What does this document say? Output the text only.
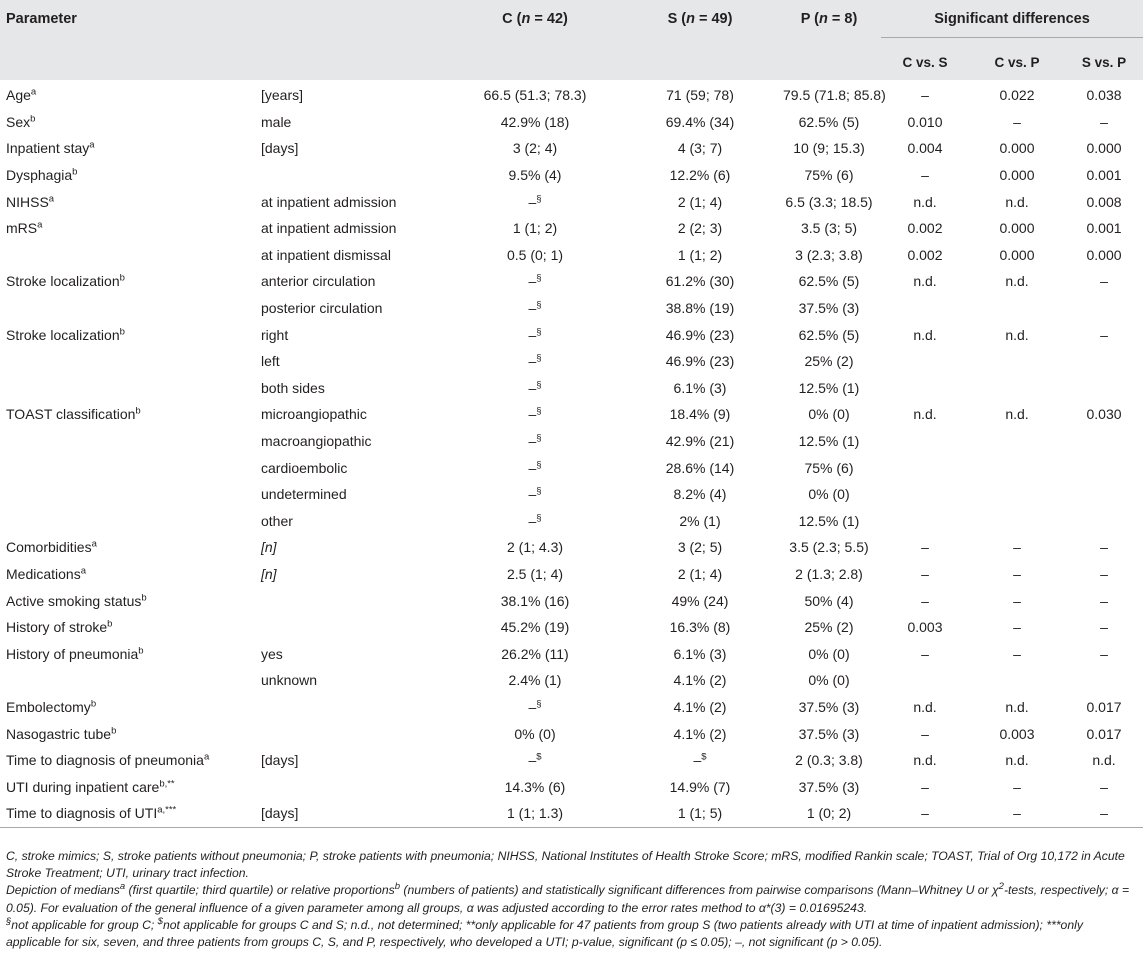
Parameter		C (n = 42)	S (n = 49)	P (n = 8)	Significant differences		

					C vs. S	C vs. P	S vs. P
Age$^a$	[years]	66.5 (51.3; 78.3)	71 (59; 78)	79.5 (71.8; 85.8)	–	0.022	0.038
Sex$^b$	male	42.9% (18)	69.4% (34)	62.5% (5)	0.010	–	–
Inpatient stay$^a$	[days]	3 (2; 4)	4 (3; 7)	10 (9; 15.3)	0.004	0.000	0.000
Dysphagia$^b$		9.5% (4)	12.2% (6)	75% (6)	–	0.000	0.001
NIHSS$^a$	at inpatient admission	–§	2 (1; 4)	6.5 (3.3; 18.5)	n.d.	n.d.	0.008
mRS$^a$	at inpatient admission	1 (1; 2)	2 (2; 3)	3.5 (3; 5)	0.002	0.000	0.001
	at inpatient dismissal	0.5 (0; 1)	1 (1; 2)	3 (2.3; 3.8)	0.002	0.000	0.000
Stroke localization$^b$	anterior circulation	–§	61.2% (30)	62.5% (5)	n.d.	n.d.	–
	posterior circulation	–§	38.8% (19)	37.5% (3)			
Stroke localization$^b$	right	–§	46.9% (23)	62.5% (5)	n.d.	n.d.	–
	left	–§	46.9% (23)	25% (2)			
	both sides	–§	6.1% (3)	12.5% (1)			
TOAST classification$^b$	microangiopathic	–§	18.4% (9)	0% (0)	n.d.	n.d.	0.030
	macroangiopathic	–§	42.9% (21)	12.5% (1)			
	cardioembolic	–§	28.6% (14)	75% (6)			
	undetermined	–§	8.2% (4)	0% (0)			
	other	–§	2% (1)	12.5% (1)			
Comorbidities$^a$	[n]	2 (1; 4.3)	3 (2; 5)	3.5 (2.3; 5.5)	–	–	–
Medications$^a$	[n]	2.5 (1; 4)	2 (1; 4)	2 (1.3; 2.8)	–	–	–
Active smoking status$^b$		38.1% (16)	49% (24)	50% (4)	–	–	–
History of stroke$^b$		45.2% (19)	16.3% (8)	25% (2)	0.003	–	–
History of pneumonia$^b$	yes	26.2% (11)	6.1% (3)	0% (0)	–	–	–
	unknown	2.4% (1)	4.1% (2)	0% (0)			
Embolectomy$^b$		–§	4.1% (2)	37.5% (3)	n.d.	n.d.	0.017
Nasogastric tube$^b$		0% (0)	4.1% (2)	37.5% (3)	–	0.003	0.017
Time to diagnosis of pneumonia$^a$	[days]	–$	–$	2 (0.3; 3.8)	n.d.	n.d.	n.d.
UTI during inpatient care$^{b,**}$		14.3% (6)	14.9% (7)	37.5% (3)	–	–	–
Time to diagnosis of $UTI^{a,***}$	[days]	1 (1; 1.3)	1 (1; 5)	1 (0; 2)	–	–	–

C, stroke mimics; S, stroke patients without pneumonia; P, stroke patients with pneumonia; NIHSS, National Institutes of Health Stroke Score; mRS, modified Rankin scale; TOAST, Trial of Org 10,172 in Acute Stroke Treatment; UTI, urinary tract infection.

Depiction of medians$^a$ (first quartile; third quartile) or relative proportions$^b$ (numbers of patients) and statistically significant differences from pairwise comparisons (Mann–Whitney U or $\chi^2$-tests, respectively; α = 0.05). For evaluation of the general influence of a given parameter among all groups, α was adjusted according to the error rates method to α*(3) = 0.01695243.

§not applicable for group C; $not applicable for groups C and S; n.d., not determined; **only applicable for 47 patients from group S (two patients already with UTI at time of inpatient admission); ***only applicable for six, seven, and three patients from groups C, S, and P, respectively, who developed a UTI; p-value, significant (p ≤ 0.05); –, not significant (p > 0.05).
